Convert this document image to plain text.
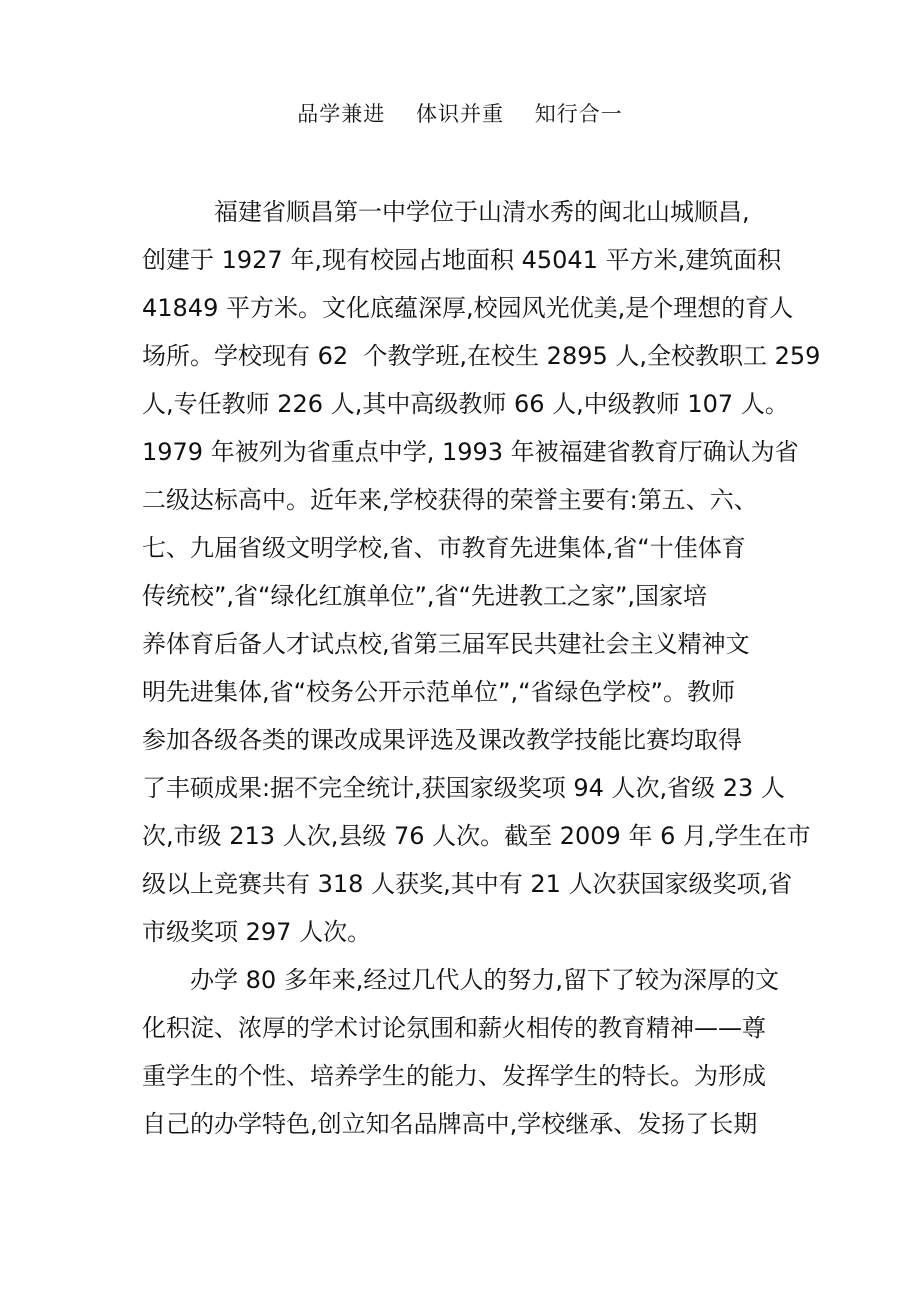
品学兼进    体识并重    知行合一
福建省顺昌第一中学位于山清水秀的闽北山城顺昌,
创建于 1927 年,现有校园占地面积 45041 平方米,建筑面积
41849 平方米。文化底蕴深厚,校园风光优美,是个理想的育人
场所。学校现有 62  个教学班,在校生 2895 人,全校教职工 259
人,专任教师 226 人,其中高级教师 66 人,中级教师 107 人。
1979 年被列为省重点中学, 1993 年被福建省教育厅确认为省
二级达标高中。近年来,学校获得的荣誉主要有:第五、六、
七、九届省级文明学校,省、市教育先进集体,省“十佳体育
传统校”,省“绿化红旗单位”,省“先进教工之家”,国家培
养体育后备人才试点校,省第三届军民共建社会主义精神文
明先进集体,省“校务公开示范单位”,“省绿色学校”。教师
参加各级各类的课改成果评选及课改教学技能比赛均取得
了丰硕成果:据不完全统计,获国家级奖项 94 人次,省级 23 人
次,市级 213 人次,县级 76 人次。截至 2009 年 6 月,学生在市
级以上竞赛共有 318 人获奖,其中有 21 人次获国家级奖项,省
市级奖项 297 人次。
办学 80 多年来,经过几代人的努力,留下了较为深厚的文
化积淀、浓厚的学术讨论氛围和薪火相传的教育精神——尊
重学生的个性、培养学生的能力、发挥学生的特长。为形成
自己的办学特色,创立知名品牌高中,学校继承、发扬了长期
